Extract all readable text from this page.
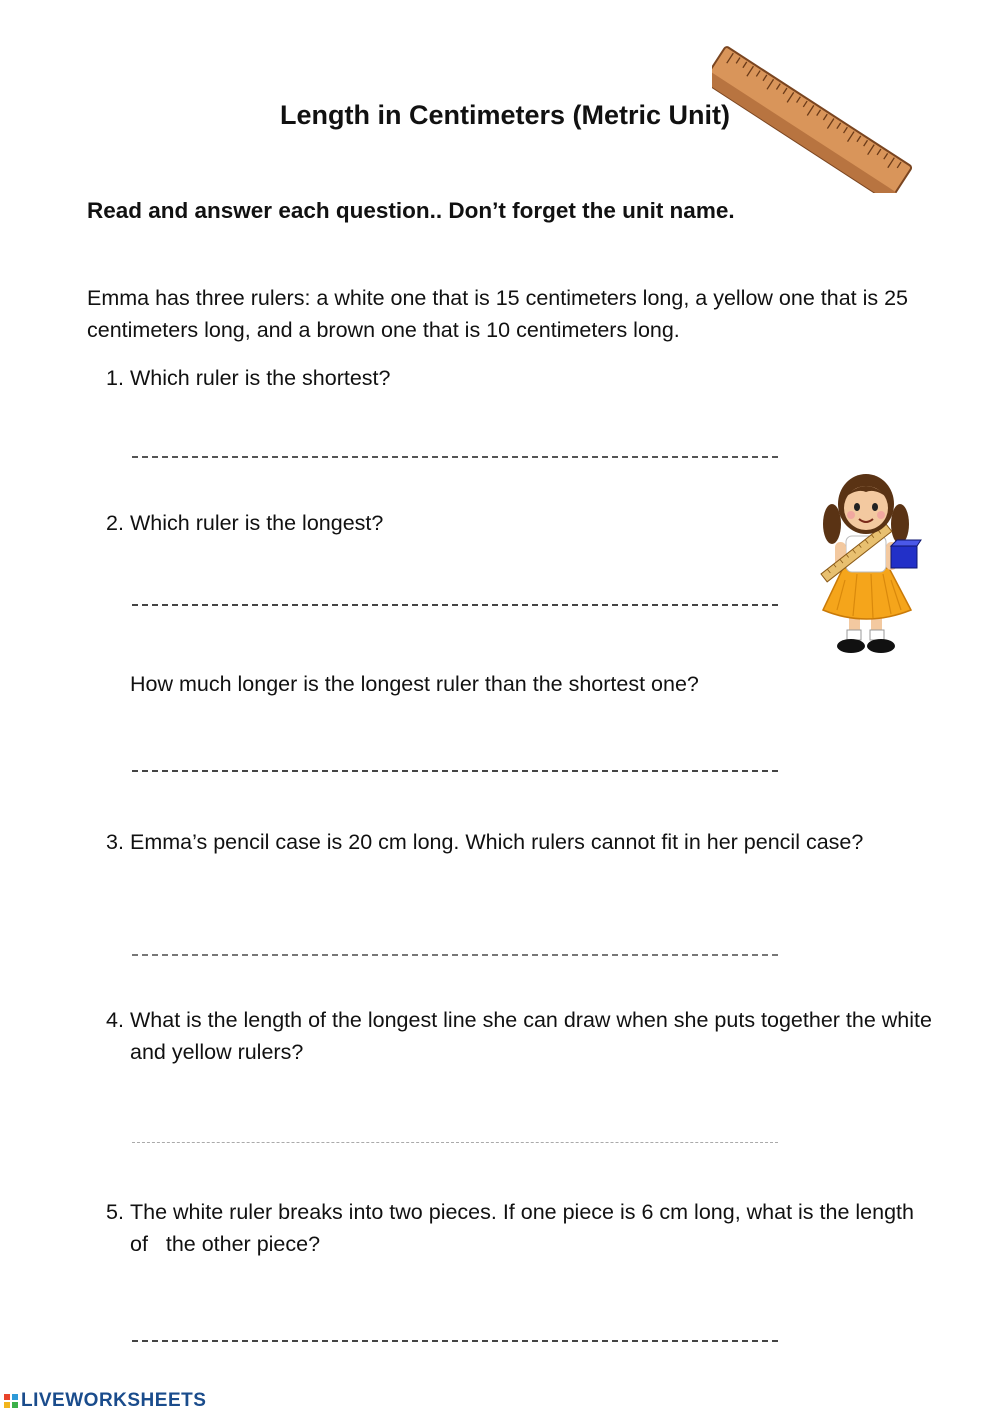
Length in Centimeters (Metric Unit)

Read and answer each question.. Don’t forget the unit name.

Emma has three rulers: a white one that is 15 centimeters long, a yellow one that is 25 centimeters long, and a brown one that is 10 centimeters long.

1. Which ruler is the shortest?
2. Which ruler is the longest?

How much longer is the longest ruler than the shortest one?

3. Emma’s pencil case is 20 cm long. Which rulers cannot fit in her pencil case?
4. What is the length of the longest line she can draw when she puts together the white   and yellow rulers?
5. The white ruler breaks into two pieces. If one piece is 6 cm long, what is the length of   the other piece?
LIVEWORKSHEETS
